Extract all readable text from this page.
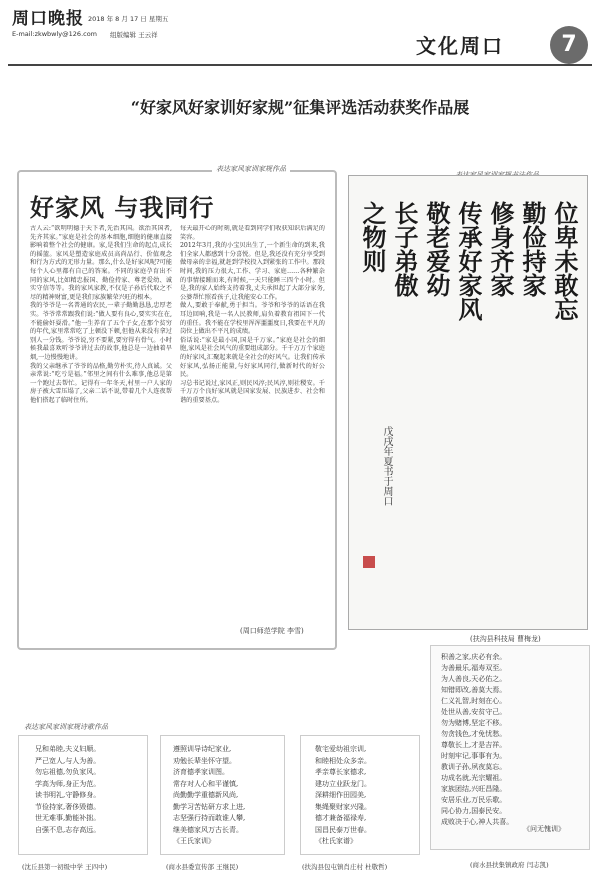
周口晚报 2018 年 8 月 17 日 星期五
E-mail:zkwbwly@126.com 组版编辑 王云祥	文化周口	7
“好家风好家训好家规”征集评选活动获奖作品展
表达家风家训家规作品
好家风 与我同行
古人云:“欲明明德于天下者,先治其国。欲治其国者,先齐其家。”家庭是社会的基本细胞,细胞的健康直接影响着整个社会的健康。家,是我们生命的起点,成长的摇篮。家风是塑造家庭成员高尚品行、价值观念和行为方式的无形力量。那么,什么是好家风呢?可能每个人心里都有自己的答案。不同的家庭孕育出不同的家风,比如精忠报国、勤俭持家、尊老爱幼、诚实守信等等。我的家风家教,不仅是子孙后代取之不尽的精神财富,更是我们家族繁荣兴旺的根本。
我的爷爷是一名普通的农民,一辈子勤勤恳恳,忠厚老实。爷爷常常跟我们说:“做人要有良心,要实实在在,不能偷奸耍滑。”他一生养育了五个子女,在那个贫穷的年代,家里常常吃了上顿没下顿,但他从来没有拿过别人一分钱。爷爷说,穷不要紧,要穷得有骨气。小时候我最喜欢听爷爷讲过去的故事,他总是一边抽着旱烟,一边慢慢地讲。
我的父亲继承了爷爷的品格,勤劳朴实,待人真诚。父亲常说:“吃亏是福。”邻里之间有什么难事,他总是第一个跑过去帮忙。记得有一年冬天,村里一户人家的房子被大雪压塌了,父亲二话不说,带着几个人连夜帮他们搭起了临时住所。
每天最开心的时刻,就是看到同学们收获知识后满足的笑容。
2012年3月,我的小宝贝出生了,一个新生命的到来,我们全家人都感到十分喜悦。但是,我还没有充分享受到做母亲的幸福,就赶到学校投入到紧张的工作中。那段时间,我的压力很大,工作、学习、家庭……各种繁杂的事情接踵而来,有时候,一天只能睡三四个小时。但是,我的家人始终支持着我,丈夫承担起了大部分家务,公婆帮忙照看孩子,让我能安心工作。
做人,要敢于奉献,勇于担当。爷爷和爷爷的话语在我耳边回响,我是一名人民教师,肩负着教育祖国下一代的重任。我不能在学校里浑浑噩噩度日,我要在平凡的岗位上做出不平凡的成绩。
俗话说:“家是最小国,国是千万家。”家庭是社会的细胞,家风是社会风气的重要组成部分。千千万万个家庭的好家风,汇聚起来就是全社会的好风气。让我们传承好家风,弘扬正能量,与好家风同行,做新时代的好公民。
习总书记说过,家风正,则民风淳;民风淳,则社稷安。千千万万个良好家风就是国家发展、民族进步、社会和谐的重要基点。
(周口师范学院 李雪)
位卑未敢忘
勤俭持家
修身齐家
传承好家风
敬老爱幼
长子弟傲
之物则
戊戌年夏书于周口
(扶沟县科技局 曹梅龙)
表达家风家训家规诗歌作品
积善之家,庆必有余。
为善最乐,福寿双至。
为人善良,天必佑之。
知错即改,善莫大焉。
仁义礼智,时刻在心。
处世从善,安贫守己。
勿为赌博,坚定不移。
勿贪钱色,才免忧愁。
尊敬长上,才是吉祥。
时刻牢记,事事有为。
教训子孙,夙夜莫忘。
功成名就,光宗耀祖。
家族团结,兴旺昌隆。
安居乐业,万民乐歌。
同心协力,国泰民安。
成败决于心,神人共喜。
《问无愧训》
(商水县扶集镇政府 闫志凯)
兄和弟睦,夫义妇顺。
严己宽人,与人为善。
勿忘祖德,勿负家风。
学高为师,身正为范。
读书明礼,守静修身。
节俭持家,奢侈毁德。
世无难事,勤能补拙。
自强不息,志存高远。
(沈丘县第一初级中学 王四中)
遵照训导诗纪家业,
劝勉长辈坐怀守望。
济育德孝家训图。
常存对人心和平谨慎,
尚勤勤学重德新风尚,
勤学习苦钻研方求上进,
志坚强行持而敢谁人攀,
继美德家风万古长青。
《王氏家训》
(商水县委宣传部 王继民)
敬宅爱幼祖宗训,
和睦相处众多亲。
孝亲尊长家德求,
建功立业跃龙门。
深耕细作田园美,
集绳聚财家兴隆。
德才兼备福禄寿,
国昌民泰万世春。
《杜氏家谱》
(扶沟县包屯镇肖庄村 杜敬哲)
